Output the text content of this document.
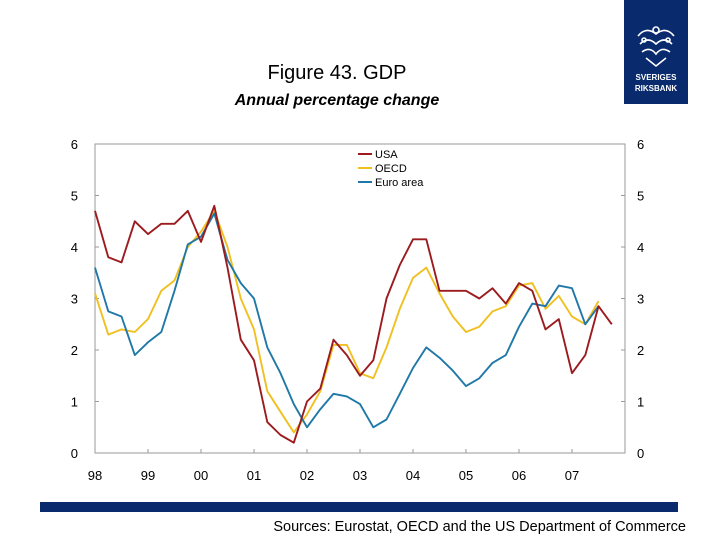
SVERIGES
RIKSBANK
Figure 43. GDP
Annual percentage change
0
1
2
3
4
5
6
0
1
2
3
4
5
6
98	99	00	01	02	03	04	05	06	07
USA
OECD
Euro area
Sources: Eurostat, OECD and the US Department of Commerce
